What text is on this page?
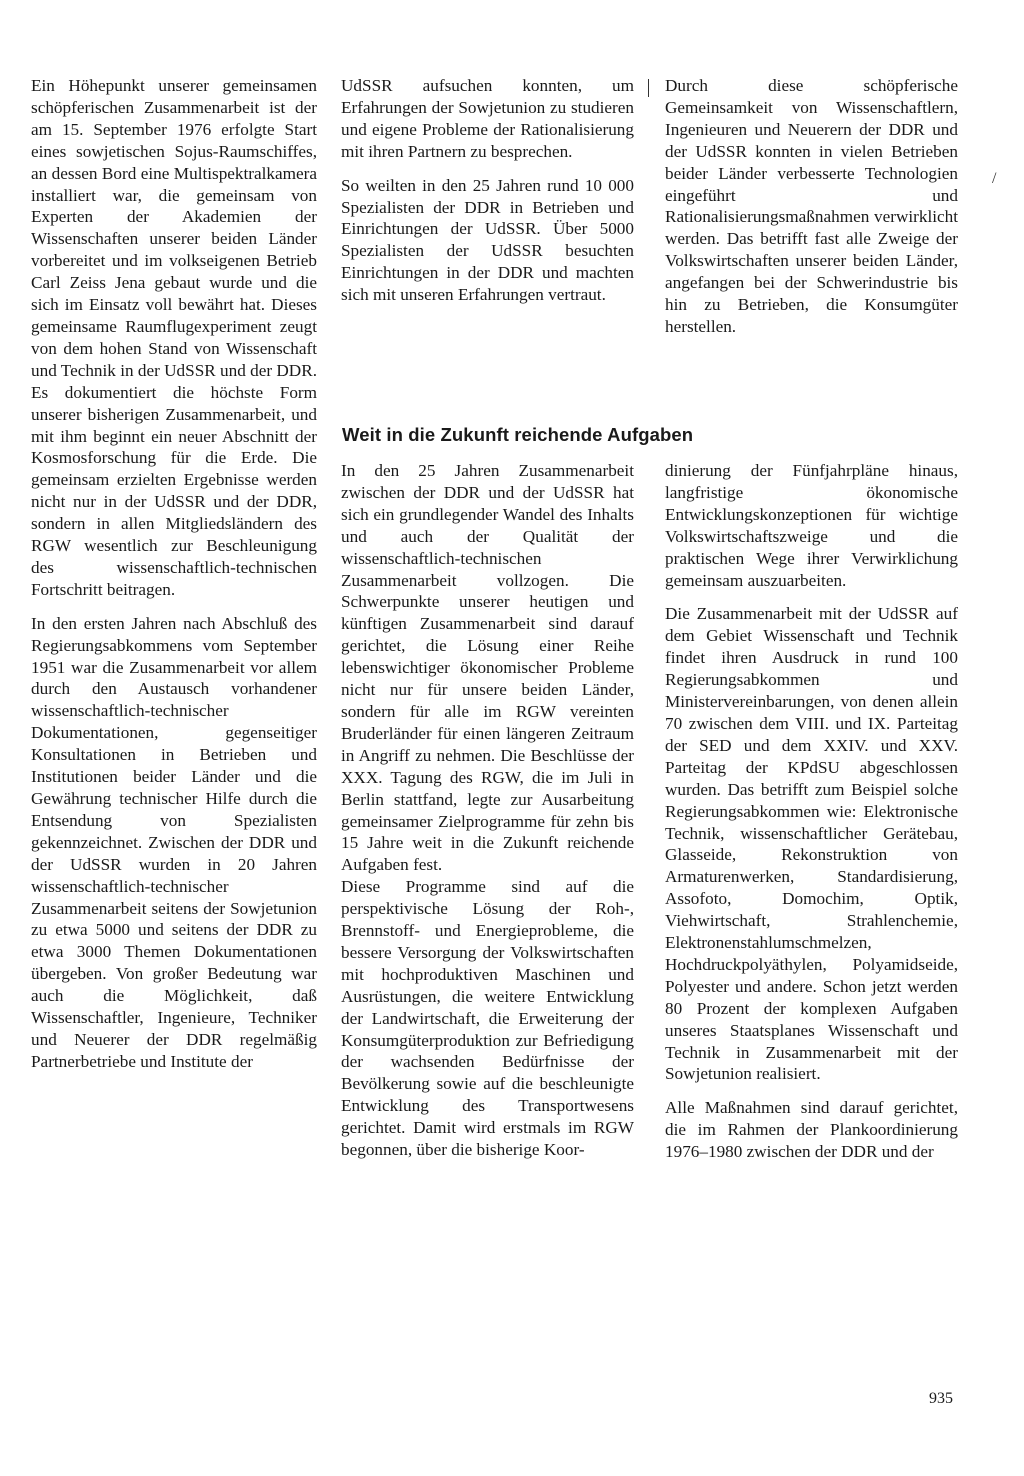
Ein Höhepunkt unserer gemeinsamen schöpferischen Zusammenarbeit ist der am 15. September 1976 erfolgte Start eines sowjetischen Sojus-Raumschiffes, an dessen Bord eine Multispektralkamera installiert war, die gemeinsam von Experten der Akademien der Wissenschaften unserer beiden Länder vorbereitet und im volkseigenen Betrieb Carl Zeiss Jena gebaut wurde und die sich im Einsatz voll bewährt hat. Dieses gemeinsame Raumflugexperiment zeugt von dem hohen Stand von Wissenschaft und Technik in der UdSSR und der DDR. Es dokumentiert die höchste Form unserer bisherigen Zusammenarbeit, und mit ihm beginnt ein neuer Abschnitt der Kosmosforschung für die Erde. Die gemeinsam erzielten Ergebnisse werden nicht nur in der UdSSR und der DDR, sondern in allen Mitgliedsländern des RGW wesentlich zur Beschleunigung des wissenschaftlich-technischen Fortschritt beitragen.

In den ersten Jahren nach Abschluß des Regierungsabkommens vom September 1951 war die Zusammenarbeit vor allem durch den Austausch vorhandener wissenschaftlich-technischer Dokumentationen, gegenseitiger Konsultationen in Betrieben und Institutionen beider Länder und die Gewährung technischer Hilfe durch die Entsendung von Spezialisten gekennzeichnet. Zwischen der DDR und der UdSSR wurden in 20 Jahren wissenschaftlich-technischer Zusammenarbeit seitens der Sowjetunion zu etwa 5000 und seitens der DDR zu etwa 3000 Themen Dokumentationen übergeben. Von großer Bedeutung war auch die Möglichkeit, daß Wissenschaftler, Ingenieure, Techniker und Neuerer der DDR regelmäßig Partnerbetriebe und Institute der

UdSSR aufsuchen konnten, um Erfahrungen der Sowjetunion zu studieren und eigene Probleme der Rationalisierung mit ihren Partnern zu besprechen.

So weilten in den 25 Jahren rund 10 000 Spezialisten der DDR in Betrieben und Einrichtungen der UdSSR. Über 5000 Spezialisten der UdSSR besuchten Einrichtungen in der DDR und machten sich mit unseren Erfahrungen vertraut.

Durch diese schöpferische Gemeinsamkeit von Wissenschaftlern, Ingenieuren und Neuerern der DDR und der UdSSR konnten in vielen Betrieben beider Länder verbesserte Technologien eingeführt und Rationalisierungsmaßnahmen verwirklicht werden. Das betrifft fast alle Zweige der Volkswirtschaften unserer beiden Länder, angefangen bei der Schwerindustrie bis hin zu Betrieben, die Konsumgüter herstellen.

/
Weit in die Zukunft reichende Aufgaben

In den 25 Jahren Zusammenarbeit zwischen der DDR und der UdSSR hat sich ein grundlegender Wandel des Inhalts und auch der Qualität der wissenschaftlich-technischen Zusammenarbeit vollzogen. Die Schwerpunkte unserer heutigen und künftigen Zusammenarbeit sind darauf gerichtet, die Lösung einer Reihe lebenswichtiger ökonomischer Probleme nicht nur für unsere beiden Länder, sondern für alle im RGW vereinten Bruderländer für einen längeren Zeitraum in Angriff zu nehmen. Die Beschlüsse der XXX. Tagung des RGW, die im Juli in Berlin stattfand, legte zur Ausarbeitung gemeinsamer Zielprogramme für zehn bis 15 Jahre weit in die Zukunft reichende Aufgaben fest.

Diese Programme sind auf die perspektivische Lösung der Roh-, Brennstoff- und Energieprobleme, die bessere Versorgung der Volkswirtschaften mit hochproduktiven Maschinen und Ausrüstungen, die weitere Entwicklung der Landwirtschaft, die Erweiterung der Konsumgüterproduktion zur Befriedigung der wachsenden Bedürfnisse der Bevölkerung sowie auf die beschleunigte Entwicklung des Transportwesens gerichtet. Damit wird erstmals im RGW begonnen, über die bisherige Koor-

dinierung der Fünfjahrpläne hinaus, langfristige ökonomische Entwicklungskonzeptionen für wichtige Volkswirtschaftszweige und die praktischen Wege ihrer Verwirklichung gemeinsam auszuarbeiten.

Die Zusammenarbeit mit der UdSSR auf dem Gebiet Wissenschaft und Technik findet ihren Ausdruck in rund 100 Regierungsabkommen und Ministervereinbarungen, von denen allein 70 zwischen dem VIII. und IX. Parteitag der SED und dem XXIV. und XXV. Parteitag der KPdSU abgeschlossen wurden. Das betrifft zum Beispiel solche Regierungsabkommen wie: Elektronische Technik, wissenschaftlicher Gerätebau, Glasseide, Rekonstruktion von Armaturenwerken, Standardisierung, Assofoto, Domochim, Optik, Viehwirtschaft, Strahlenchemie, Elektronenstahlumschmelzen, Hochdruckpolyäthylen, Polyamidseide, Polyester und andere. Schon jetzt werden 80 Prozent der komplexen Aufgaben unseres Staatsplanes Wissenschaft und Technik in Zusammenarbeit mit der Sowjetunion realisiert.

Alle Maßnahmen sind darauf gerichtet, die im Rahmen der Plankoordinierung 1976–1980 zwischen der DDR und der

935
